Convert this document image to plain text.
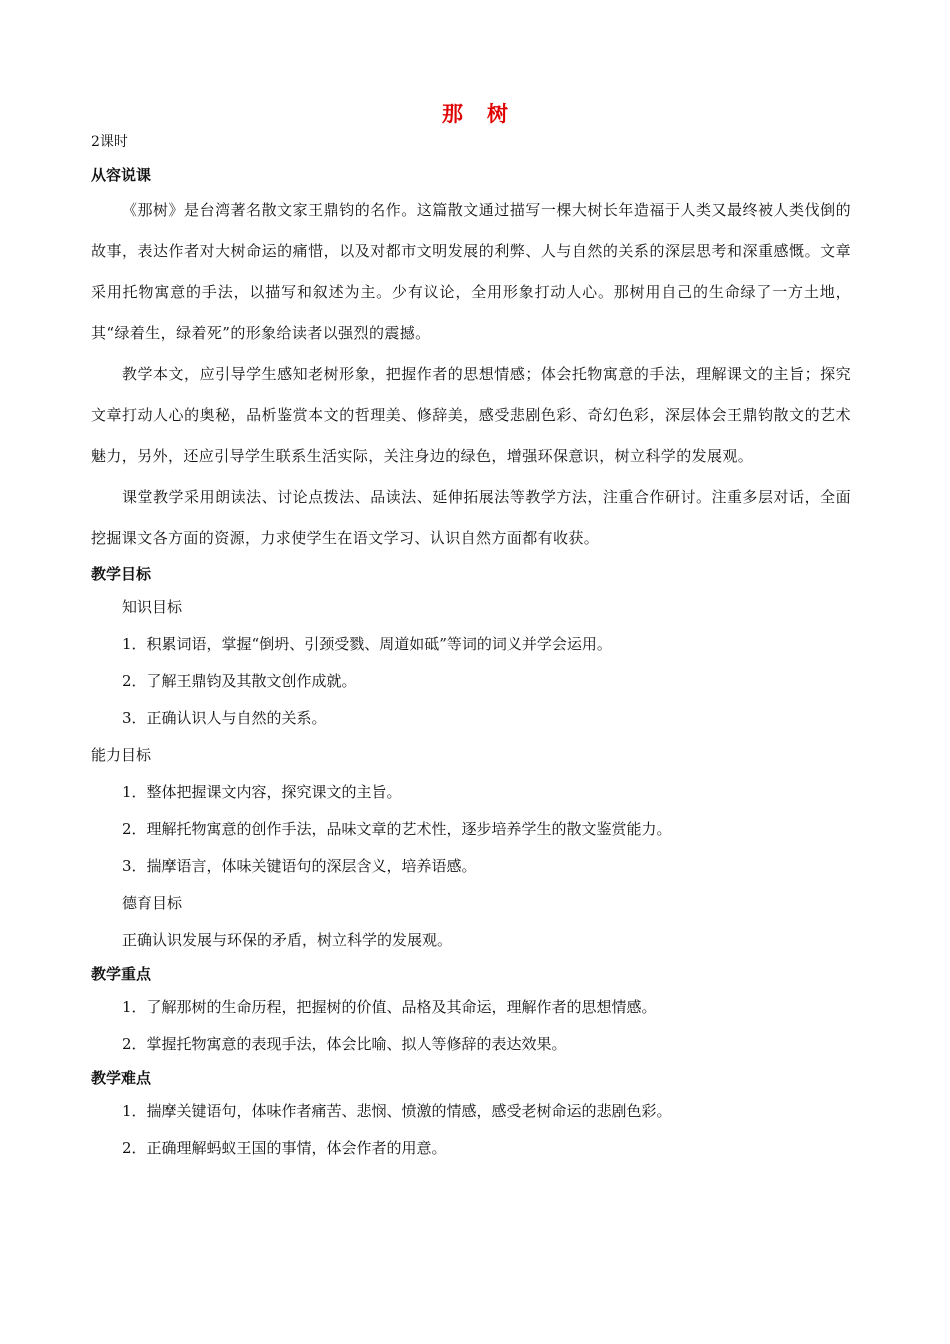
那树
2课时
从容说课

《那树》是台湾著名散文家王鼎钧的名作。这篇散文通过描写一棵大树长年造福于人类又最终被人类伐倒的故事，表达作者对大树命运的痛惜，以及对都市文明发展的利弊、人与自然的关系的深层思考和深重感慨。文章采用托物寓意的手法，以描写和叙述为主。少有议论，全用形象打动人心。那树用自己的生命绿了一方土地，其“绿着生，绿着死”的形象给读者以强烈的震撼。

教学本文，应引导学生感知老树形象，把握作者的思想情感；体会托物寓意的手法，理解课文的主旨；探究文章打动人心的奥秘，品析鉴赏本文的哲理美、修辞美，感受悲剧色彩、奇幻色彩，深层体会王鼎钧散文的艺术魅力，另外，还应引导学生联系生活实际，关注身边的绿色，增强环保意识，树立科学的发展观。

课堂教学采用朗读法、讨论点拨法、品读法、延伸拓展法等教学方法，注重合作研讨。注重多层对话，全面挖掘课文各方面的资源，力求使学生在语文学习、认识自然方面都有收获。

教学目标
知识目标
1．积累词语，掌握“倒坍、引颈受戮、周道如砥”等词的词义并学会运用。
2．了解王鼎钧及其散文创作成就。
3．正确认识人与自然的关系。
能力目标
1．整体把握课文内容，探究课文的主旨。
2．理解托物寓意的创作手法，品味文章的艺术性，逐步培养学生的散文鉴赏能力。
3．揣摩语言，体味关键语句的深层含义，培养语感。
德育目标
正确认识发展与环保的矛盾，树立科学的发展观。
教学重点
1．了解那树的生命历程，把握树的价值、品格及其命运，理解作者的思想情感。
2．掌握托物寓意的表现手法，体会比喻、拟人等修辞的表达效果。
教学难点
1．揣摩关键语句，体味作者痛苦、悲悯、愤激的情感，感受老树命运的悲剧色彩。
2．正确理解蚂蚁王国的事情，体会作者的用意。
